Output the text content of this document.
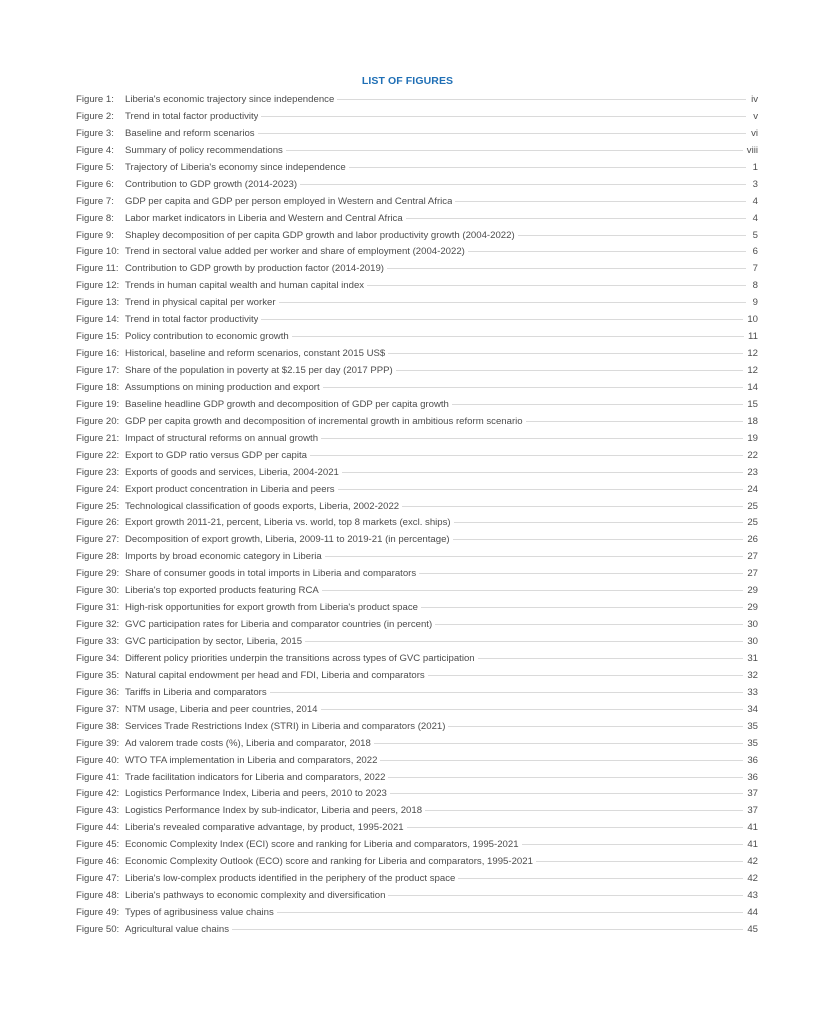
LIST OF FIGURES
Figure 1:	Liberia's economic trajectory since independence	iv
Figure 2:	Trend in total factor productivity	v
Figure 3:	Baseline and reform scenarios	vi
Figure 4:	Summary of policy recommendations	viii
Figure 5:	Trajectory of Liberia's economy since independence	1
Figure 6:	Contribution to GDP growth (2014-2023)	3
Figure 7:	GDP per capita and GDP per person employed in Western and Central Africa	4
Figure 8:	Labor market indicators in Liberia and Western and Central Africa	4
Figure 9:	Shapley decomposition of per capita GDP growth and labor productivity growth (2004-2022)	5
Figure 10: Trend in sectoral value added per worker and share of employment (2004-2022)	6
Figure 11: Contribution to GDP growth by production factor (2014-2019)	7
Figure 12: Trends in human capital wealth and human capital index	8
Figure 13: Trend in physical capital per worker	9
Figure 14: Trend in total factor productivity	10
Figure 15: Policy contribution to economic growth	11
Figure 16: Historical, baseline and reform scenarios, constant 2015 US$	12
Figure 17: Share of the population in poverty at $2.15 per day (2017 PPP)	12
Figure 18: Assumptions on mining production and export	14
Figure 19: Baseline headline GDP growth and decomposition of GDP per capita growth	15
Figure 20: GDP per capita growth and decomposition of incremental growth in ambitious reform scenario	18
Figure 21: Impact of structural reforms on annual growth	19
Figure 22: Export to GDP ratio versus GDP per capita	22
Figure 23: Exports of goods and services, Liberia, 2004-2021	23
Figure 24: Export product concentration in Liberia and peers	24
Figure 25: Technological classification of goods exports, Liberia, 2002-2022	25
Figure 26: Export growth 2011-21, percent, Liberia vs. world, top 8 markets (excl. ships)	25
Figure 27: Decomposition of export growth, Liberia, 2009-11 to 2019-21 (in percentage)	26
Figure 28: Imports by broad economic category in Liberia	27
Figure 29: Share of consumer goods in total imports in Liberia and comparators	27
Figure 30: Liberia's top exported products featuring RCA	29
Figure 31: High-risk opportunities for export growth from Liberia's product space	29
Figure 32: GVC participation rates for Liberia and comparator countries (in percent)	30
Figure 33: GVC participation by sector, Liberia, 2015	30
Figure 34: Different policy priorities underpin the transitions across types of GVC participation	31
Figure 35: Natural capital endowment per head and FDI, Liberia and comparators	32
Figure 36: Tariffs in Liberia and comparators	33
Figure 37: NTM usage, Liberia and peer countries, 2014	34
Figure 38: Services Trade Restrictions Index (STRI) in Liberia and comparators (2021)	35
Figure 39: Ad valorem trade costs (%), Liberia and comparator, 2018	35
Figure 40: WTO TFA implementation in Liberia and comparators, 2022	36
Figure 41: Trade facilitation indicators for Liberia and comparators, 2022	36
Figure 42: Logistics Performance Index, Liberia and peers, 2010 to 2023	37
Figure 43: Logistics Performance Index by sub-indicator, Liberia and peers, 2018	37
Figure 44: Liberia's revealed comparative advantage, by product, 1995-2021	41
Figure 45: Economic Complexity Index (ECI) score and ranking for Liberia and comparators, 1995-2021	41
Figure 46: Economic Complexity Outlook (ECO) score and ranking for Liberia and comparators, 1995-2021	42
Figure 47: Liberia's low-complex products identified in the periphery of the product space	42
Figure 48: Liberia's pathways to economic complexity and diversification	43
Figure 49: Types of agribusiness value chains	44
Figure 50: Agricultural value chains	45
